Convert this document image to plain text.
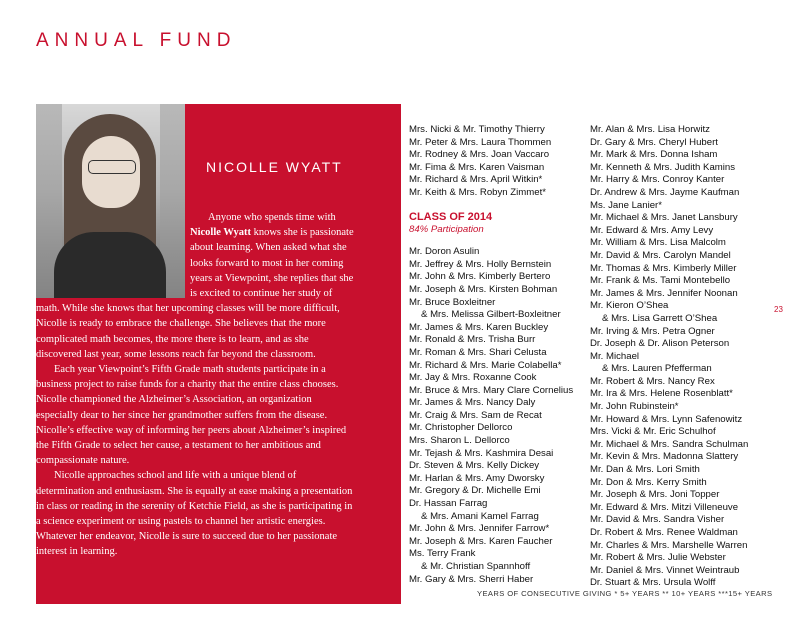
ANNUAL FUND
NICOLLE WYATT

Anyone who spends time with Nicolle Wyatt knows she is passionate about learning. When asked what she looks forward to most in her coming years at Viewpoint, she replies that she is excited to continue her study of math. While she knows that her upcoming classes will be more difficult, Nicolle is ready to embrace the challenge. She believes that the more complicated math becomes, the more there is to learn, and as she discovered last year, some lessons reach far beyond the classroom.

Each year Viewpoint’s Fifth Grade math students participate in a business project to raise funds for a charity that the entire class chooses. Nicolle championed the Alzheimer’s Association, an organization especially dear to her since her grandmother suffers from the disease. Nicolle’s effective way of informing her peers about Alzheimer’s inspired the Fifth Grade to select her cause, a testament to her ambitious and compassionate nature.

Nicolle approaches school and life with a unique blend of determination and enthusiasm. She is equally at ease making a presentation in class or reading in the serenity of Ketchie Field, as she is participating in a science experiment or using pastels to channel her artistic energies. Whatever her endeavor, Nicolle is sure to succeed due to her passionate interest in learning.

Mrs. Nicki & Mr. Timothy Thierry
Mr. Peter & Mrs. Laura Thommen
Mr. Rodney & Mrs. Joan Vaccaro
Mr. Fima & Mrs. Karen Vaisman
Mr. Richard & Mrs. April Witkin*
Mr. Keith & Mrs. Robyn Zimmet*
CLASS OF 2014
84% Participation
Mr. Doron Asulin
Mr. Jeffrey & Mrs. Holly Bernstein
Mr. John & Mrs. Kimberly Bertero
Mr. Joseph & Mrs. Kirsten Bohman
Mr. Bruce Boxleitner
& Mrs. Melissa Gilbert-Boxleitner
Mr. James & Mrs. Karen Buckley
Mr. Ronald & Mrs. Trisha Burr
Mr. Roman & Mrs. Shari Celusta
Mr. Richard & Mrs. Marie Colabella*
Mr. Jay & Mrs. Roxanne Cook
Mr. Bruce & Mrs. Mary Clare Cornelius
Mr. James & Mrs. Nancy Daly
Mr. Craig & Mrs. Sam de Recat
Mr. Christopher Dellorco
Mrs. Sharon L. Dellorco
Mr. Tejash & Mrs. Kashmira Desai
Dr. Steven & Mrs. Kelly Dickey
Mr. Harlan & Mrs. Amy Dworsky
Mr. Gregory & Dr. Michelle Emi
Dr. Hassan Farrag
& Mrs. Amani Kamel Farrag
Mr. John & Mrs. Jennifer Farrow*
Mr. Joseph & Mrs. Karen Faucher
Ms. Terry Frank
& Mr. Christian Spannhoff
Mr. Gary & Mrs. Sherri Haber
Mr. Alan & Mrs. Lisa Horwitz
Dr. Gary & Mrs. Cheryl Hubert
Mr. Mark & Mrs. Donna Isham
Mr. Kenneth & Mrs. Judith Kamins
Mr. Harry & Mrs. Conroy Kanter
Dr. Andrew & Mrs. Jayme Kaufman
Ms. Jane Lanier*
Mr. Michael & Mrs. Janet Lansbury
Mr. Edward & Mrs. Amy Levy
Mr. William & Mrs. Lisa Malcolm
Mr. David & Mrs. Carolyn Mandel
Mr. Thomas & Mrs. Kimberly Miller
Mr. Frank & Ms. Tami Montebello
Mr. James & Mrs. Jennifer Noonan
Mr. Kieron O’Shea
& Mrs. Lisa Garrett O’Shea
Mr. Irving & Mrs. Petra Ogner
Dr. Joseph & Dr. Alison Peterson
Mr. Michael
& Mrs. Lauren Pfefferman
Mr. Robert & Mrs. Nancy Rex
Mr. Ira & Mrs. Helene Rosenblatt*
Mr. John Rubinstein*
Mr. Howard & Mrs. Lynn Safenowitz
Mrs. Vicki & Mr. Eric Schulhof
Mr. Michael & Mrs. Sandra Schulman
Mr. Kevin & Mrs. Madonna Slattery
Mr. Dan & Mrs. Lori Smith
Mr. Don & Mrs. Kerry Smith
Mr. Joseph & Mrs. Joni Topper
Mr. Edward & Mrs. Mitzi Villeneuve
Mr. David & Mrs. Sandra Visher
Dr. Robert & Mrs. Renee Waldman
Mr. Charles & Mrs. Marshelle Warren
Mr. Robert & Mrs. Julie Webster
Mr. Daniel & Mrs. Vinnet Weintraub
Dr. Stuart & Mrs. Ursula Wolff
23
YEARS OF CONSECUTIVE GIVING * 5+ YEARS ** 10+ YEARS ***15+ YEARS
